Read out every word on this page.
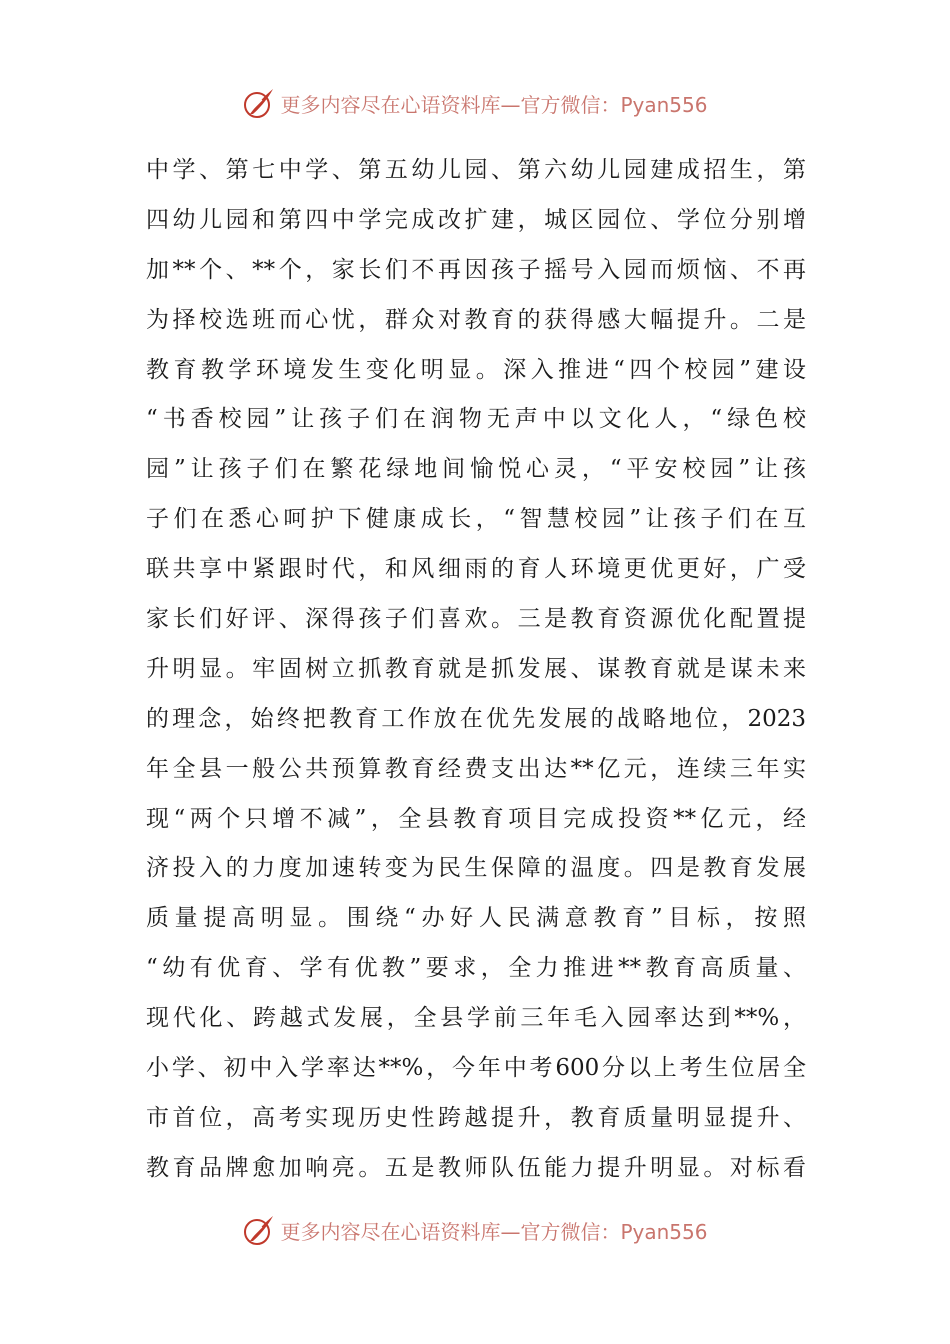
更多内容尽在心语资料库—官方微信：Pyan556
中学、第七中学、第五幼儿园、第六幼儿园建成招生，第
四幼儿园和第四中学完成改扩建，城区园位、学位分别增
加**个、**个，家长们不再因孩子摇号入园而烦恼、不再
为择校选班而心忧，群众对教育的获得感大幅提升。二是
教育教学环境发生变化明显。深入推进“四个校园”建设
“书香校园”让孩子们在润物无声中以文化人，“绿色校
园”让孩子们在繁花绿地间愉悦心灵，“平安校园”让孩
子们在悉心呵护下健康成长，“智慧校园”让孩子们在互
联共享中紧跟时代，和风细雨的育人环境更优更好，广受
家长们好评、深得孩子们喜欢。三是教育资源优化配置提
升明显。牢固树立抓教育就是抓发展、谋教育就是谋未来
的理念，始终把教育工作放在优先发展的战略地位，2023
年全县一般公共预算教育经费支出达**亿元，连续三年实
现“两个只增不减”，全县教育项目完成投资**亿元，经
济投入的力度加速转变为民生保障的温度。四是教育发展
质量提高明显。围绕“办好人民满意教育”目标，按照
“幼有优育、学有优教”要求，全力推进**教育高质量、
现代化、跨越式发展，全县学前三年毛入园率达到**%，
小学、初中入学率达**%，今年中考600分以上考生位居全
市首位，高考实现历史性跨越提升，教育质量明显提升、
教育品牌愈加响亮。五是教师队伍能力提升明显。对标看
更多内容尽在心语资料库—官方微信：Pyan556
